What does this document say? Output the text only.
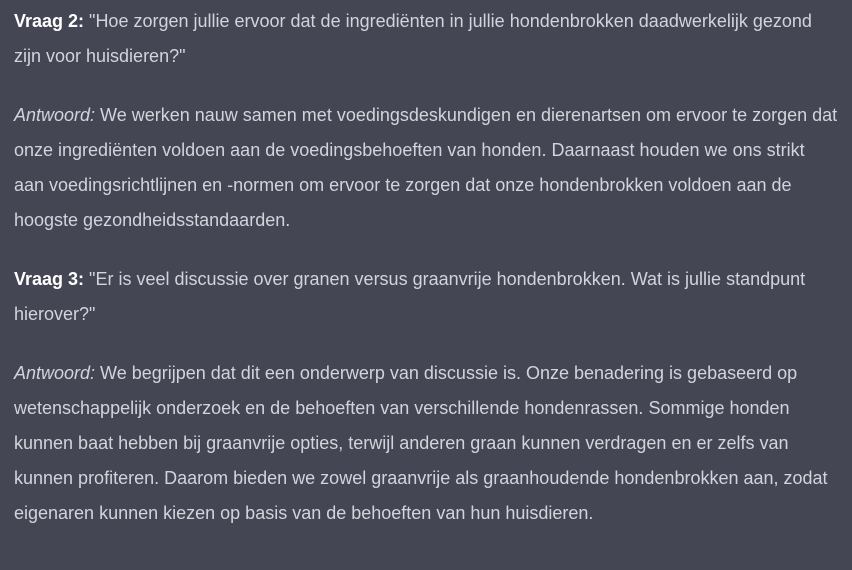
Vraag 2: "Hoe zorgen jullie ervoor dat de ingrediënten in jullie hondenbrokken daadwerkelijk gezond zijn voor huisdieren?"

Antwoord: We werken nauw samen met voedingsdeskundigen en dierenartsen om ervoor te zorgen dat onze ingrediënten voldoen aan de voedingsbehoeften van honden. Daarnaast houden we ons strikt aan voedingsrichtlijnen en -normen om ervoor te zorgen dat onze hondenbrokken voldoen aan de hoogste gezondheidsstandaarden.

Vraag 3: "Er is veel discussie over granen versus graanvrije hondenbrokken. Wat is jullie standpunt hierover?"

Antwoord: We begrijpen dat dit een onderwerp van discussie is. Onze benadering is gebaseerd op wetenschappelijk onderzoek en de behoeften van verschillende hondenrassen. Sommige honden kunnen baat hebben bij graanvrije opties, terwijl anderen graan kunnen verdragen en er zelfs van kunnen profiteren. Daarom bieden we zowel graanvrije als graanhoudende hondenbrokken aan, zodat eigenaren kunnen kiezen op basis van de behoeften van hun huisdieren.
